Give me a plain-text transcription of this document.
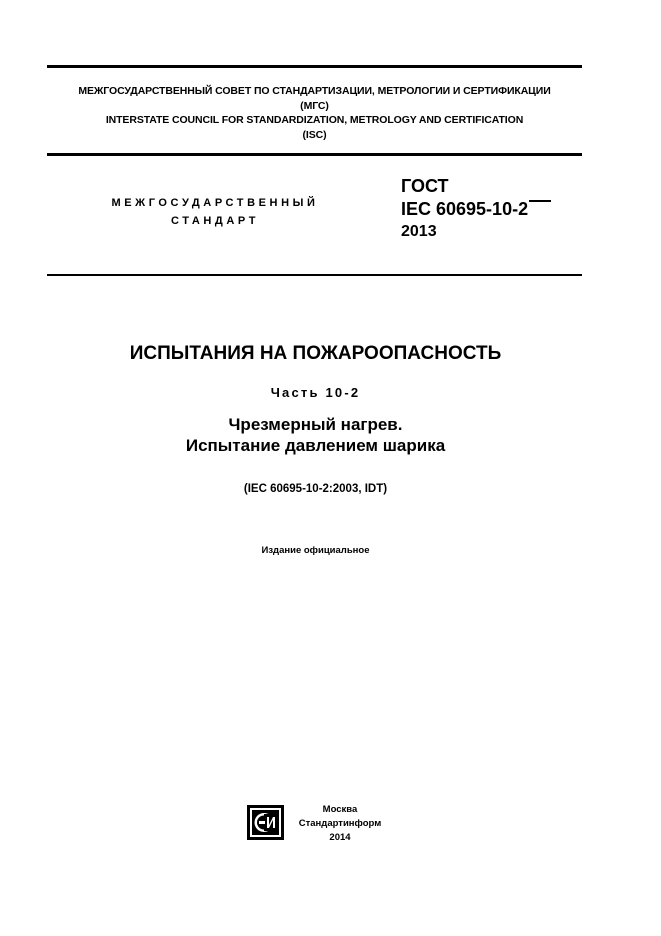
МЕЖГОСУДАРСТВЕННЫЙ СОВЕТ ПО СТАНДАРТИЗАЦИИ, МЕТРОЛОГИИ И СЕРТИФИКАЦИИ
(МГС)
INTERSTATE COUNCIL FOR STANDARDIZATION, METROLOGY AND CERTIFICATION
(ISC)
МЕЖГОСУДАРСТВЕННЫЙ
СТАНДАРТ
ГОСТ
IEC 60695-10-2
2013
ИСПЫТАНИЯ НА ПОЖАРООПАСНОСТЬ
Часть 10-2
Чрезмерный нагрев.
Испытание давлением шарика
(IEC 60695-10-2:2003, IDT)
Издание официальное
Москва
Стандартинформ
2014
